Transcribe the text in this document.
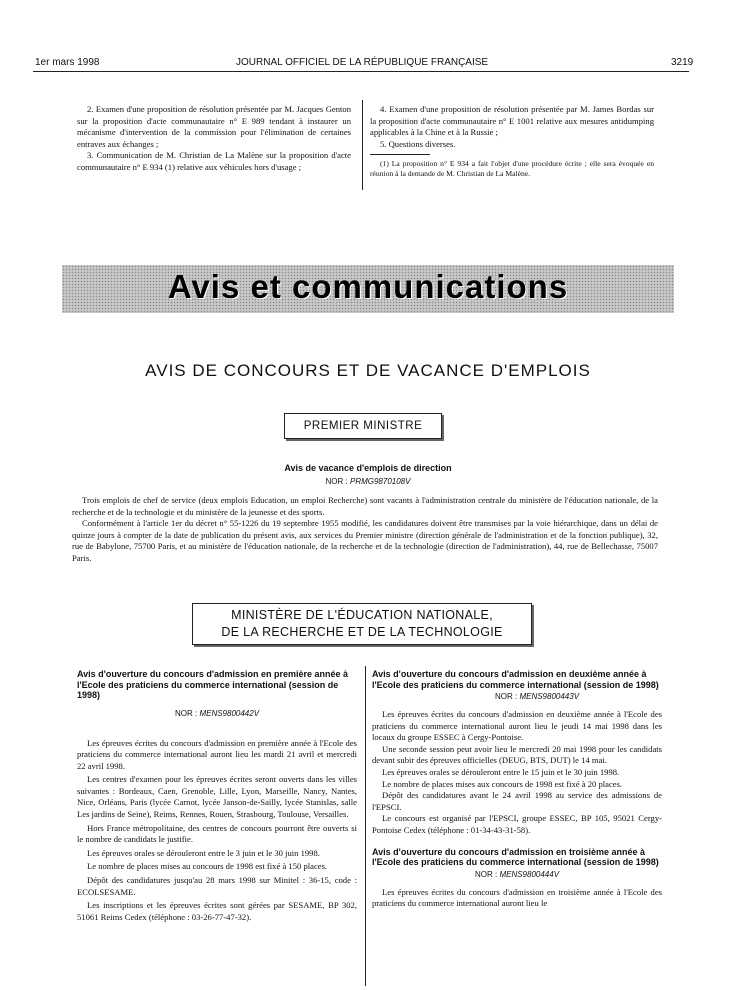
1er mars 1998	JOURNAL OFFICIEL DE LA RÉPUBLIQUE FRANÇAISE	3219

2. Examen d'une proposition de résolution présentée par M. Jacques Genton sur la proposition d'acte communautaire n° E 989 tendant à instaurer un mécanisme d'intervention de la commission pour l'élimination de certaines entraves aux échanges ;

3. Communication de M. Christian de La Malène sur la proposition d'acte communautaire n° E 934 (1) relative aux véhicules hors d'usage ;

4. Examen d'une proposition de résolution présentée par M. James Bordas sur la proposition d'acte communautaire n° E 1001 relative aux mesures antidumping applicables à la Chine et à la Russie ;

5. Questions diverses.

(1) La proposition n° E 934 a fait l'objet d'une procédure écrite ; elle sera évoquée en réunion à la demande de M. Christian de La Malène.

Avis et communications
AVIS DE CONCOURS ET DE VACANCE D'EMPLOIS
PREMIER MINISTRE
Avis de vacance d'emplois de direction
NOR : PRMG9870108V

Trois emplois de chef de service (deux emplois Education, un emploi Recherche) sont vacants à l'administration centrale du ministère de l'éducation nationale, de la recherche et de la technologie et du ministère de la jeunesse et des sports.

Conformément à l'article 1er du décret n° 55-1226 du 19 septembre 1955 modifié, les candidatures doivent être transmises par la voie hiérarchique, dans un délai de quinze jours à compter de la date de publication du présent avis, aux services du Premier ministre (direction générale de l'administration et de la fonction publique), 32, rue de Babylone, 75700 Paris, et au ministère de l'éducation nationale, de la recherche et de la technologie (direction de l'administration), 44, rue de Bellechasse, 75007 Paris.

MINISTÈRE DE L'ÉDUCATION NATIONALE,
DE LA RECHERCHE ET DE LA TECHNOLOGIE
Avis d'ouverture du concours d'admission en première année à l'Ecole des praticiens du commerce international (session de 1998)
NOR : MENS9800442V

Les épreuves écrites du concours d'admission en première année à l'Ecole des praticiens du commerce international auront lieu les mardi 21 avril et mercredi 22 avril 1998.

Les centres d'examen pour les épreuves écrites seront ouverts dans les villes suivantes : Bordeaux, Caen, Grenoble, Lille, Lyon, Marseille, Nancy, Nantes, Nice, Orléans, Paris (lycée Carnot, lycée Janson-de-Sailly, lycée Stanislas, salle Les jardins de Seine), Reims, Rennes, Rouen, Strasbourg, Toulouse, Versailles.

Hors France métropolitaine, des centres de concours pourront être ouverts si le nombre de candidats le justifie.

Les épreuves orales se dérouleront entre le 3 juin et le 30 juin 1998.

Le nombre de places mises au concours de 1998 est fixé à 150 places.

Dépôt des candidatures jusqu'au 28 mars 1998 sur Minitel : 36-15, code : ECOLSESAME.

Les inscriptions et les épreuves écrites sont gérées par SESAME, BP 302, 51061 Reims Cedex (téléphone : 03-26-77-47-32).

Avis d'ouverture du concours d'admission en deuxième année à l'Ecole des praticiens du commerce international (session de 1998)
NOR : MENS9800443V

Les épreuves écrites du concours d'admission en deuxième année à l'Ecole des praticiens du commerce international auront lieu le jeudi 14 mai 1998 dans les locaux du groupe ESSEC à Cergy-Pontoise.

Une seconde session peut avoir lieu le mercredi 20 mai 1998 pour les candidats devant subir des épreuves officielles (DEUG, BTS, DUT) le 14 mai.

Les épreuves orales se dérouleront entre le 15 juin et le 30 juin 1998.

Le nombre de places mises aux concours de 1998 est fixé à 20 places.

Dépôt des candidatures avant le 24 avril 1998 au service des admissions de l'EPSCI.

Le concours est organisé par l'EPSCI, groupe ESSEC, BP 105, 95021 Cergy-Pontoise Cedex (téléphone : 01-34-43-31-58).

Avis d'ouverture du concours d'admission en troisième année à l'Ecole des praticiens du commerce international (session de 1998)
NOR : MENS9800444V

Les épreuves écrites du concours d'admission en troisième année à l'Ecole des praticiens du commerce international auront lieu le
